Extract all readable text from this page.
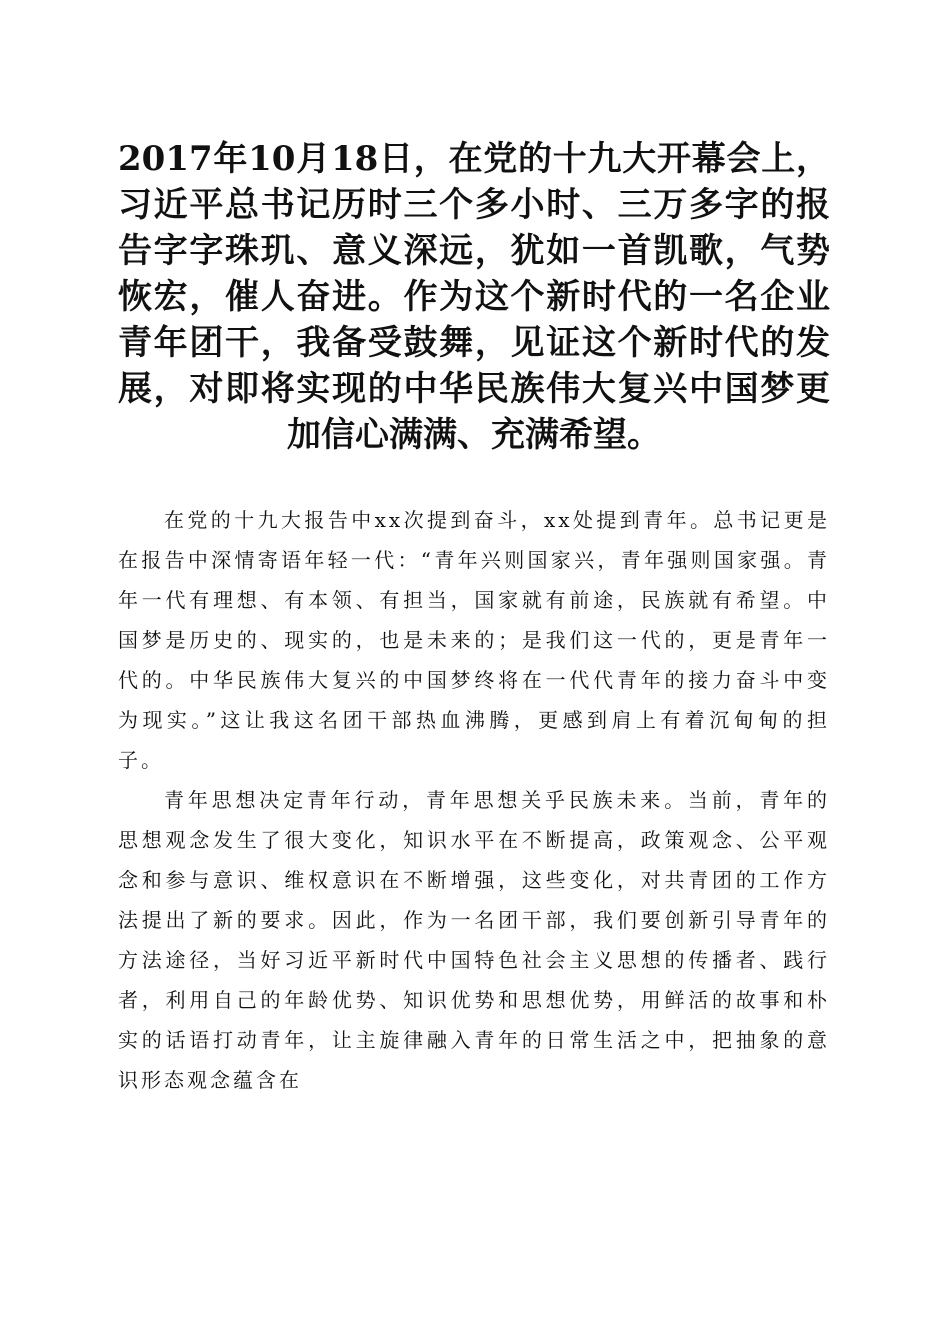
2017年10月18日，在党的十九大开幕会上，习近平总书记历时三个多小时、三万多字的报告字字珠玑、意义深远，犹如一首凯歌，气势恢宏，催人奋进。作为这个新时代的一名企业青年团干，我备受鼓舞，见证这个新时代的发展，对即将实现的中华民族伟大复兴中国梦更加信心满满、充满希望。

在党的十九大报告中xx次提到奋斗，xx处提到青年。总书记更是在报告中深情寄语年轻一代：“青年兴则国家兴，青年强则国家强。青年一代有理想、有本领、有担当，国家就有前途，民族就有希望。中国梦是历史的、现实的，也是未来的；是我们这一代的，更是青年一代的。中华民族伟大复兴的中国梦终将在一代代青年的接力奋斗中变为现实。”这让我这名团干部热血沸腾，更感到肩上有着沉甸甸的担子。

青年思想决定青年行动，青年思想关乎民族未来。当前，青年的思想观念发生了很大变化，知识水平在不断提高，政策观念、公平观念和参与意识、维权意识在不断增强，这些变化，对共青团的工作方法提出了新的要求。因此，作为一名团干部，我们要创新引导青年的方法途径，当好习近平新时代中国特色社会主义思想的传播者、践行者，利用自己的年龄优势、知识优势和思想优势，用鲜活的故事和朴实的话语打动青年，让主旋律融入青年的日常生活之中，把抽象的意识形态观念蕴含在
